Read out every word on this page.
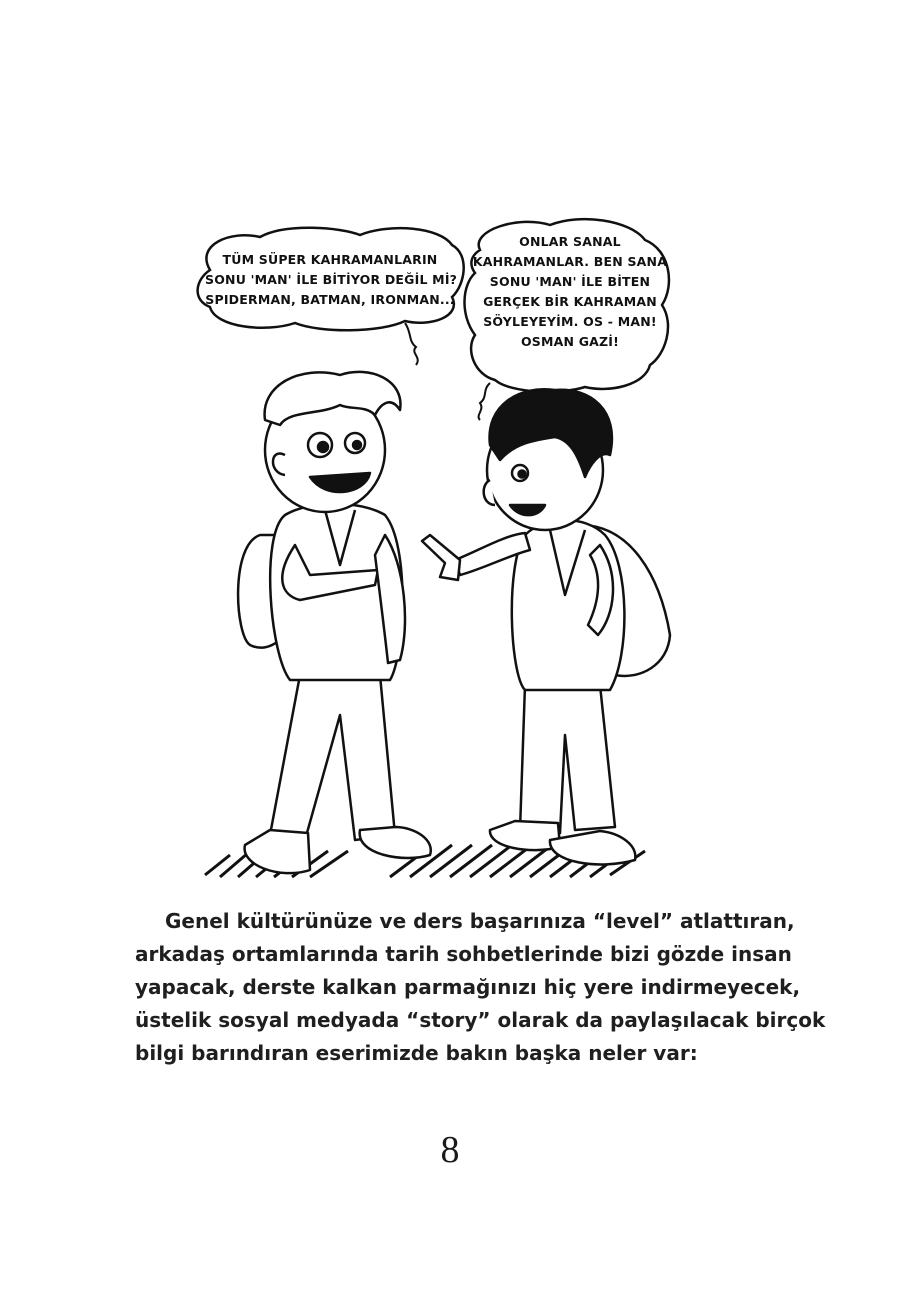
TÜM SÜPER KAHRAMANLARIN
SONU 'MAN' İLE BİTİYOR DEĞİL Mİ?
SPIDERMAN, BATMAN, IRONMAN...
ONLAR SANAL
KAHRAMANLAR. BEN SANA
SONU 'MAN' İLE BİTEN
GERÇEK BİR KAHRAMAN
SÖYLEYEYİM. OS - MAN!
OSMAN GAZİ!
Genel kültürünüze ve ders başarınıza “level” atlattıran,
arkadaş ortamlarında tarih sohbetlerinde bizi gözde insan
yapacak, derste kalkan parmağınızı hiç yere indirmeyecek,
üstelik sosyal medyada “story” olarak da paylaşılacak birçok
bilgi barındıran eserimizde bakın başka neler var:
8
